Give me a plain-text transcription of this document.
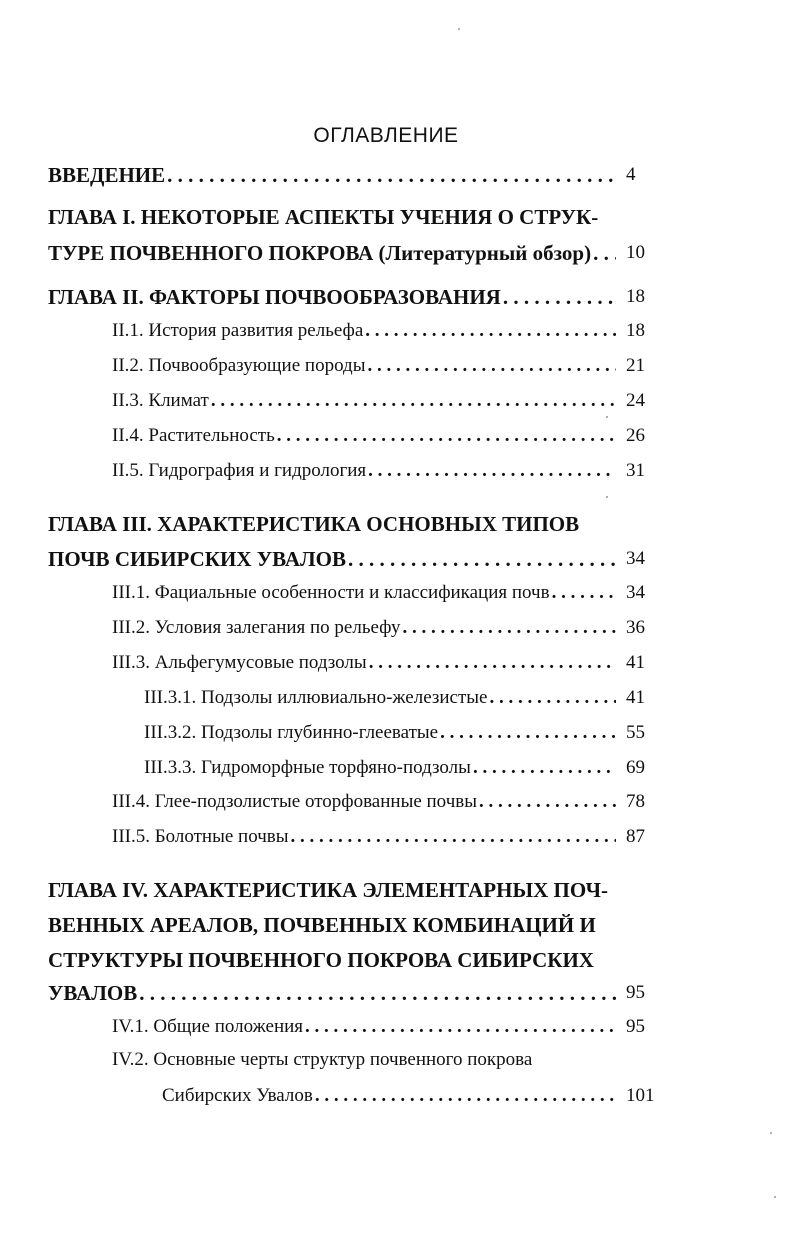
ОГЛАВЛЕНИЕ
ВВЕДЕНИЕ . . .	4
ГЛАВА I. НЕКОТОРЫЕ АСПЕКТЫ УЧЕНИЯ О СТРУК-
ТУРЕ ПОЧВЕННОГО ПОКРОВА (Литературный обзор) . . . 10
ГЛАВА II. ФАКТОРЫ ПОЧВООБРАЗОВАНИЯ . . .	18
II.1. История развития рельефа . . .	18
II.2. Почвообразующие породы . . .	21
II.3. Климат . . .	24
II.4. Растительность . . .	26
II.5. Гидрография и гидрология . . .	31
ГЛАВА III. ХАРАКТЕРИСТИКА ОСНОВНЫХ ТИПОВ
ПОЧВ СИБИРСКИХ УВАЛОВ . . .	34
III.1. Фациальные особенности и классификация почв . . .	34
III.2. Условия залегания по рельефу . . .	36
III.3. Альфегумусовые подзолы . . .	41
III.3.1. Подзолы иллювиально-железистые . . .	41
III.3.2. Подзолы глубинно-глееватые . . .	55
III.3.3. Гидроморфные торфяно-подзолы . . .	69
III.4. Глее-подзолистые оторфованные почвы . . .	78
III.5. Болотные почвы . . .	87
ГЛАВА IV. ХАРАКТЕРИСТИКА ЭЛЕМЕНТАРНЫХ ПОЧ-
ВЕННЫХ АРЕАЛОВ, ПОЧВЕННЫХ КОМБИНАЦИЙ И
СТРУКТУРЫ ПОЧВЕННОГО ПОКРОВА СИБИРСКИХ
УВАЛОВ . . .	95
IV.1. Общие положения . . .	95
IV.2. Основные черты структур почвенного покрова
Сибирских Увалов . . .	101
